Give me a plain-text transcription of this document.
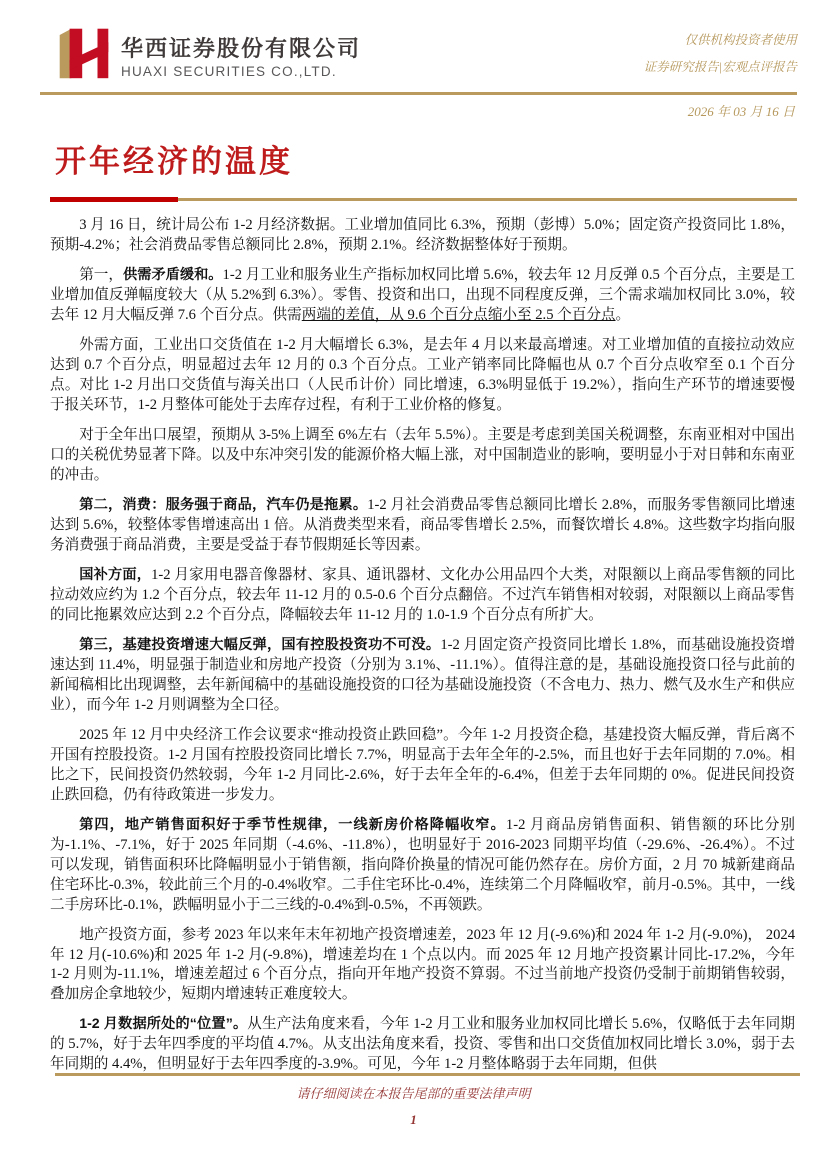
华西证券股份有限公司
HUAXI SECURITIES CO.,LTD.
仅供机构投资者使用
证券研究报告|宏观点评报告
2026 年 03 月 16 日
开年经济的温度

3 月 16 日，统计局公布 1-2 月经济数据。工业增加值同比 6.3%，预期（彭博）5.0%；固定资产投资同比 1.8%，预期-4.2%；社会消费品零售总额同比 2.8%，预期 2.1%。经济数据整体好于预期。

第一，供需矛盾缓和。1-2 月工业和服务业生产指标加权同比增 5.6%，较去年 12 月反弹 0.5 个百分点，主要是工业增加值反弹幅度较大（从 5.2%到 6.3%）。零售、投资和出口，出现不同程度反弹，三个需求端加权同比 3.0%，较去年 12 月大幅反弹 7.6 个百分点。供需两端的差值，从 9.6 个百分点缩小至 2.5 个百分点。

外需方面，工业出口交货值在 1-2 月大幅增长 6.3%，是去年 4 月以来最高增速。对工业增加值的直接拉动效应达到 0.7 个百分点，明显超过去年 12 月的 0.3 个百分点。工业产销率同比降幅也从 0.7 个百分点收窄至 0.1 个百分点。对比 1-2 月出口交货值与海关出口（人民币计价）同比增速，6.3%明显低于 19.2%），指向生产环节的增速要慢于报关环节，1-2 月整体可能处于去库存过程，有利于工业价格的修复。

对于全年出口展望，预期从 3-5%上调至 6%左右（去年 5.5%）。主要是考虑到美国关税调整，东南亚相对中国出口的关税优势显著下降。以及中东冲突引发的能源价格大幅上涨，对中国制造业的影响，要明显小于对日韩和东南亚的冲击。

第二，消费：服务强于商品，汽车仍是拖累。1-2 月社会消费品零售总额同比增长 2.8%，而服务零售额同比增速达到 5.6%，较整体零售增速高出 1 倍。从消费类型来看，商品零售增长 2.5%，而餐饮增长 4.8%。这些数字均指向服务消费强于商品消费，主要是受益于春节假期延长等因素。

国补方面，1-2 月家用电器音像器材、家具、通讯器材、文化办公用品四个大类，对限额以上商品零售额的同比拉动效应约为 1.2 个百分点，较去年 11-12 月的 0.5-0.6 个百分点翻倍。不过汽车销售相对较弱，对限额以上商品零售的同比拖累效应达到 2.2 个百分点，降幅较去年 11-12 月的 1.0-1.9 个百分点有所扩大。

第三，基建投资增速大幅反弹，国有控股投资功不可没。1-2 月固定资产投资同比增长 1.8%，而基础设施投资增速达到 11.4%，明显强于制造业和房地产投资（分别为 3.1%、-11.1%）。值得注意的是，基础设施投资口径与此前的新闻稿相比出现调整，去年新闻稿中的基础设施投资的口径为基础设施投资（不含电力、热力、燃气及水生产和供应业），而今年 1-2 月则调整为全口径。

2025 年 12 月中央经济工作会议要求“推动投资止跌回稳”。今年 1-2 月投资企稳，基建投资大幅反弹，背后离不开国有控股投资。1-2 月国有控股投资同比增长 7.7%，明显高于去年全年的-2.5%，而且也好于去年同期的 7.0%。相比之下，民间投资仍然较弱，今年 1-2 月同比-2.6%，好于去年全年的-6.4%，但差于去年同期的 0%。促进民间投资止跌回稳，仍有待政策进一步发力。

第四，地产销售面积好于季节性规律，一线新房价格降幅收窄。1-2 月商品房销售面积、销售额的环比分别为-1.1%、-7.1%，好于 2025 年同期（-4.6%、-11.8%），也明显好于 2016-2023 同期平均值（-29.6%、-26.4%）。不过可以发现，销售面积环比降幅明显小于销售额，指向降价换量的情况可能仍然存在。房价方面，2 月 70 城新建商品住宅环比-0.3%，较此前三个月的-0.4%收窄。二手住宅环比-0.4%，连续第二个月降幅收窄，前月-0.5%。其中，一线二手房环比-0.1%，跌幅明显小于二三线的-0.4%到-0.5%，不再领跌。

地产投资方面，参考 2023 年以来年末年初地产投资增速差，2023 年 12 月(-9.6%)和 2024 年 1-2 月(-9.0%)， 2024 年 12 月(-10.6%)和 2025 年 1-2 月(-9.8%)，增速差均在 1 个点以内。而 2025 年 12 月地产投资累计同比-17.2%，今年 1-2 月则为-11.1%，增速差超过 6 个百分点，指向开年地产投资不算弱。不过当前地产投资仍受制于前期销售较弱，叠加房企拿地较少，短期内增速转正难度较大。

1-2 月数据所处的“位置”。从生产法角度来看，今年 1-2 月工业和服务业加权同比增长 5.6%，仅略低于去年同期的 5.7%，好于去年四季度的平均值 4.7%。从支出法角度来看，投资、零售和出口交货值加权同比增长 3.0%，弱于去年同期的 4.4%，但明显好于去年四季度的-3.9%。可见，今年 1-2 月整体略弱于去年同期，但供

请仔细阅读在本报告尾部的重要法律声明
1
